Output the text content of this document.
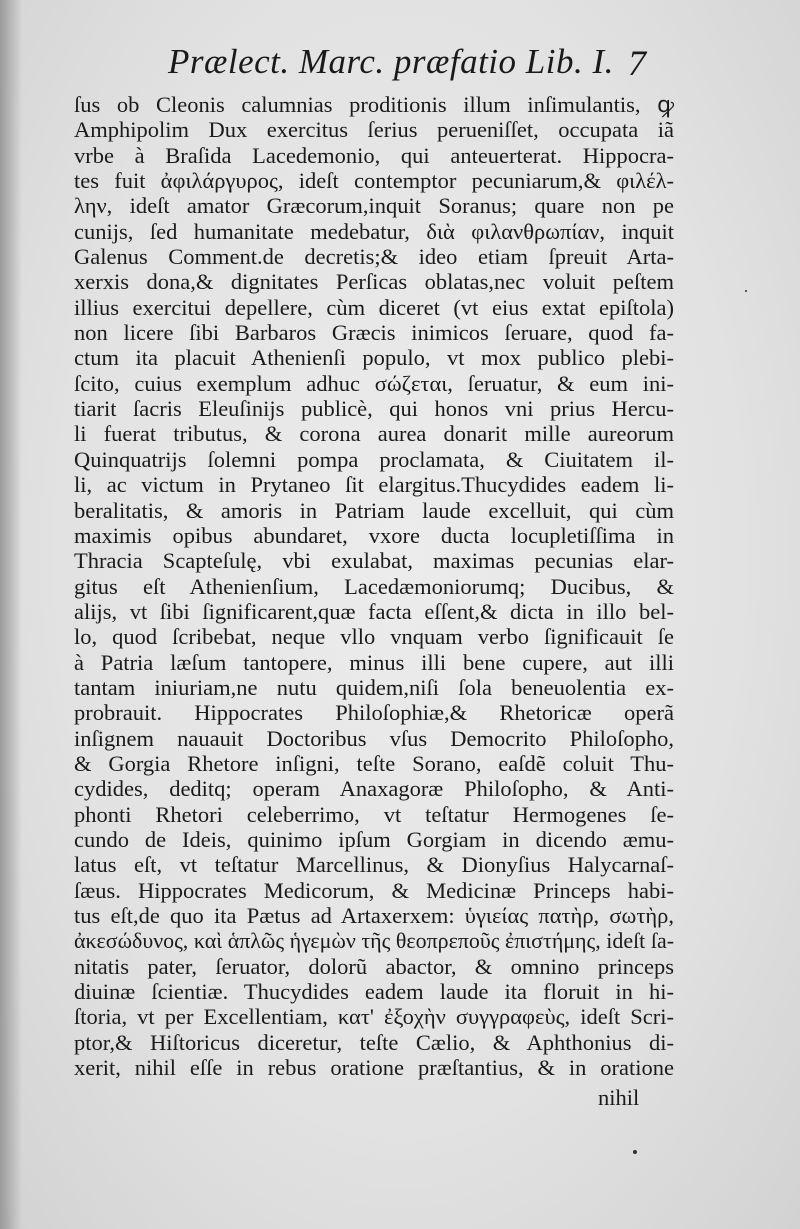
Prælect. Marc. præfatio Lib. I. 7
ſus ob Cleonis calumnias proditionis illum inſimulantis, ꝙ
Amphipolim Dux exercitus ſerius perueniſſet, occupata iã
vrbe à Braſida Lacedemonio, qui anteuerterat. Hippocra-
tes fuit ἀφιλάργυρος, ideſt contemptor pecuniarum,& φιλέλ-
λην, ideſt amator Græcorum,inquit Soranus; quare non pe
cunijs, ſed humanitate medebatur, διὰ φιλανθρωπίαν, inquit
Galenus Comment.de decretis;& ideo etiam ſpreuit Arta-
xerxis dona,& dignitates Perſicas oblatas,nec voluit peſtem
illius exercitui depellere, cùm diceret (vt eius extat epiſtola)
non licere ſibi Barbaros Græcis inimicos ſeruare, quod fa-
ctum ita placuit Athenienſi populo, vt mox publico plebi-
ſcito, cuius exemplum adhuc σώζεται, ſeruatur, & eum ini-
tiarit ſacris Eleuſinijs publicè, qui honos vni prius Hercu-
li fuerat tributus, & corona aurea donarit mille aureorum
Quinquatrijs ſolemni pompa proclamata, & Ciuitatem il-
li, ac victum in Prytaneo ſit elargitus.Thucydides eadem li-
beralitatis, & amoris in Patriam laude excelluit, qui cùm
maximis opibus abundaret, vxore ducta locupletiſſima in
Thracia Scapteſulę, vbi exulabat, maximas pecunias elar-
gitus eſt Athenienſium, Lacedæmoniorumq; Ducibus, &
alijs, vt ſibi ſignificarent,quæ facta eſſent,& dicta in illo bel-
lo, quod ſcribebat, neque vllo vnquam verbo ſignificauit ſe
à Patria læſum tantopere, minus illi bene cupere, aut illi
tantam iniuriam,ne nutu quidem,niſi ſola beneuolentia ex-
probrauit. Hippocrates Philoſophiæ,& Rhetoricæ operã
inſignem nauauit Doctoribus vſus Democrito Philoſopho,
& Gorgia Rhetore inſigni, teſte Sorano, eaſdẽ coluit Thu-
cydides, deditq; operam Anaxagoræ Philoſopho, & Anti-
phonti Rhetori celeberrimo, vt teſtatur Hermogenes ſe-
cundo de Ideis, quinimo ipſum Gorgiam in dicendo æmu-
latus eſt, vt teſtatur Marcellinus, & Dionyſius Halycarnaſ-
ſæus. Hippocrates Medicorum, & Medicinæ Princeps habi-
tus eſt,de quo ita Pætus ad Artaxerxem: ὑγιείας πατὴρ, σωτὴρ,
ἀκεσώδυνος, καὶ ἁπλῶς ἡγεμὼν τῆς θεοπρεποῦς ἐπιστήμης, ideſt ſa-
nitatis pater, ſeruator, dolorũ abactor, & omnino princeps
diuinæ ſcientiæ. Thucydides eadem laude ita floruit in hi-
ſtoria, vt per Excellentiam, κατ' ἐξοχὴν συγγραφεὺς, ideſt Scri-
ptor,& Hiſtoricus diceretur, teſte Cælio, & Aphthonius di-
xerit, nihil eſſe in rebus oratione præſtantius, & in oratione
nihil
